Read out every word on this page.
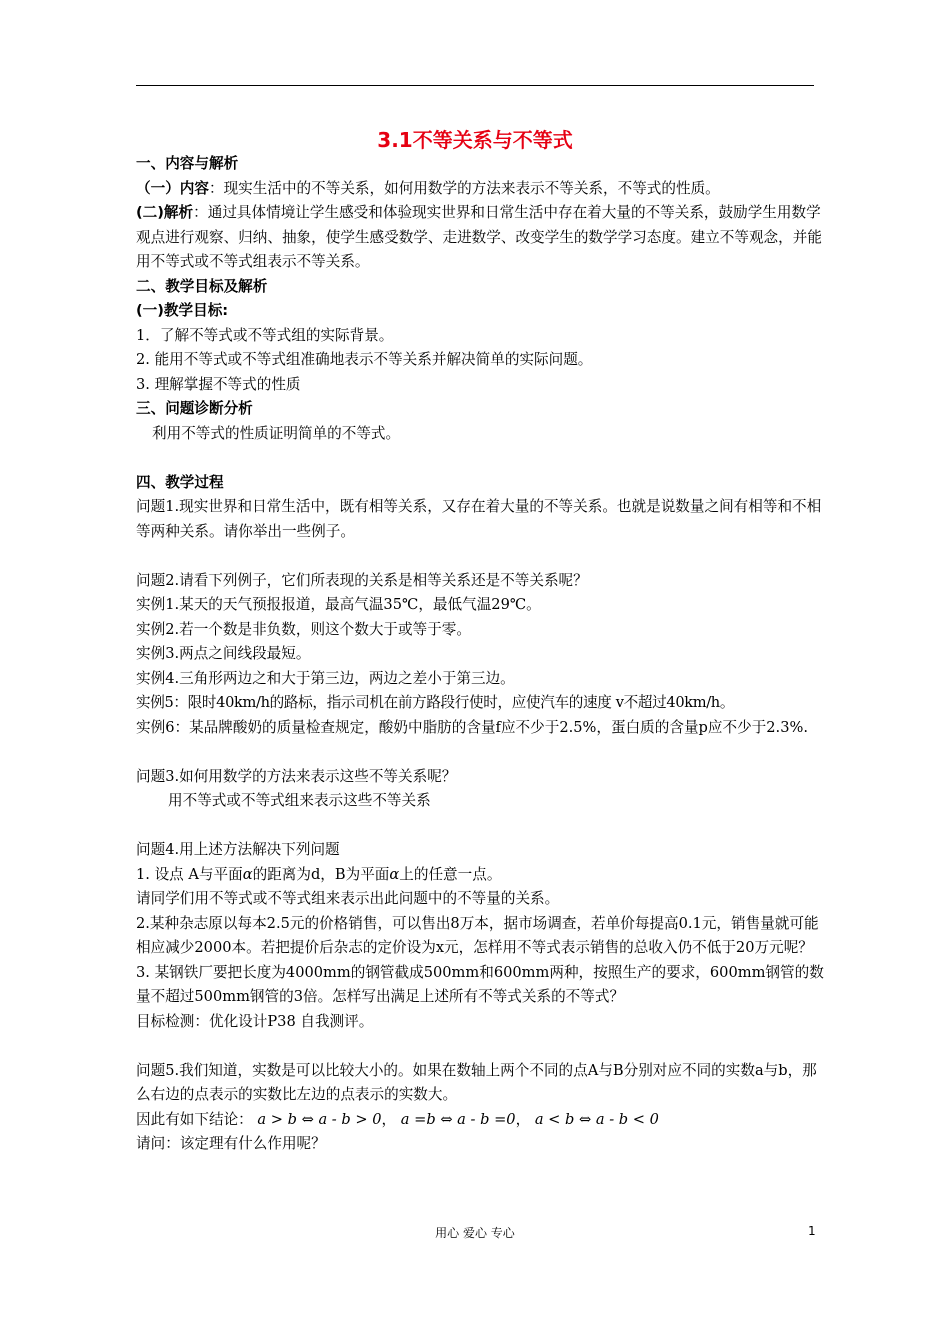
3.1不等关系与不等式
一、内容与解析
（一）内容：现实生活中的不等关系，如何用数学的方法来表示不等关系，不等式的性质。
(二)解析：通过具体情境让学生感受和体验现实世界和日常生活中存在着大量的不等关系，鼓励学生用数学观点进行观察、归纳、抽象，使学生感受数学、走进数学、改变学生的数学学习态度。建立不等观念，并能用不等式或不等式组表示不等关系。
二、教学目标及解析
(一)教学目标:
1．了解不等式或不等式组的实际背景。
2. 能用不等式或不等式组准确地表示不等关系并解决简单的实际问题。
3. 理解掌握不等式的性质
三、问题诊断分析
利用不等式的性质证明简单的不等式。
四、教学过程
问题1.现实世界和日常生活中，既有相等关系，又存在着大量的不等关系。也就是说数量之间有相等和不相等两种关系。请你举出一些例子。
问题2.请看下列例子，它们所表现的关系是相等关系还是不等关系呢？
实例1.某天的天气预报报道，最高气温35℃，最低气温29℃。
实例2.若一个数是非负数，则这个数大于或等于零。
实例3.两点之间线段最短。
实例4.三角形两边之和大于第三边，两边之差小于第三边。
实例5：限时40km/h的路标，指示司机在前方路段行使时，应使汽车的速度 v不超过40km/h。
实例6：某品牌酸奶的质量检查规定，酸奶中脂肪的含量f应不少于2.5%，蛋白质的含量p应不少于2.3%.
问题3.如何用数学的方法来表示这些不等关系呢？
用不等式或不等式组来表示这些不等关系
问题4.用上述方法解决下列问题
1. 设点 A与平面α的距离为d，B为平面α上的任意一点。
请同学们用不等式或不等式组来表示出此问题中的不等量的关系。
2.某种杂志原以每本2.5元的价格销售，可以售出8万本，据市场调查，若单价每提高0.1元，销售量就可能相应减少2000本。若把提价后杂志的定价设为x元，怎样用不等式表示销售的总收入仍不低于20万元呢？
3. 某钢铁厂要把长度为4000mm的钢管截成500mm和600mm两种，按照生产的要求，600mm钢管的数量不超过500mm钢管的3倍。怎样写出满足上述所有不等式关系的不等式？
目标检测：优化设计P38 自我测评。
问题5.我们知道，实数是可以比较大小的。如果在数轴上两个不同的点A与B分别对应不同的实数a与b，那么右边的点表示的实数比左边的点表示的实数大。
因此有如下结论： a > b ⇔ a - b > 0， a =b ⇔ a - b =0， a < b ⇔ a - b < 0
请问：该定理有什么作用呢？
用心 爱心 专心	1
